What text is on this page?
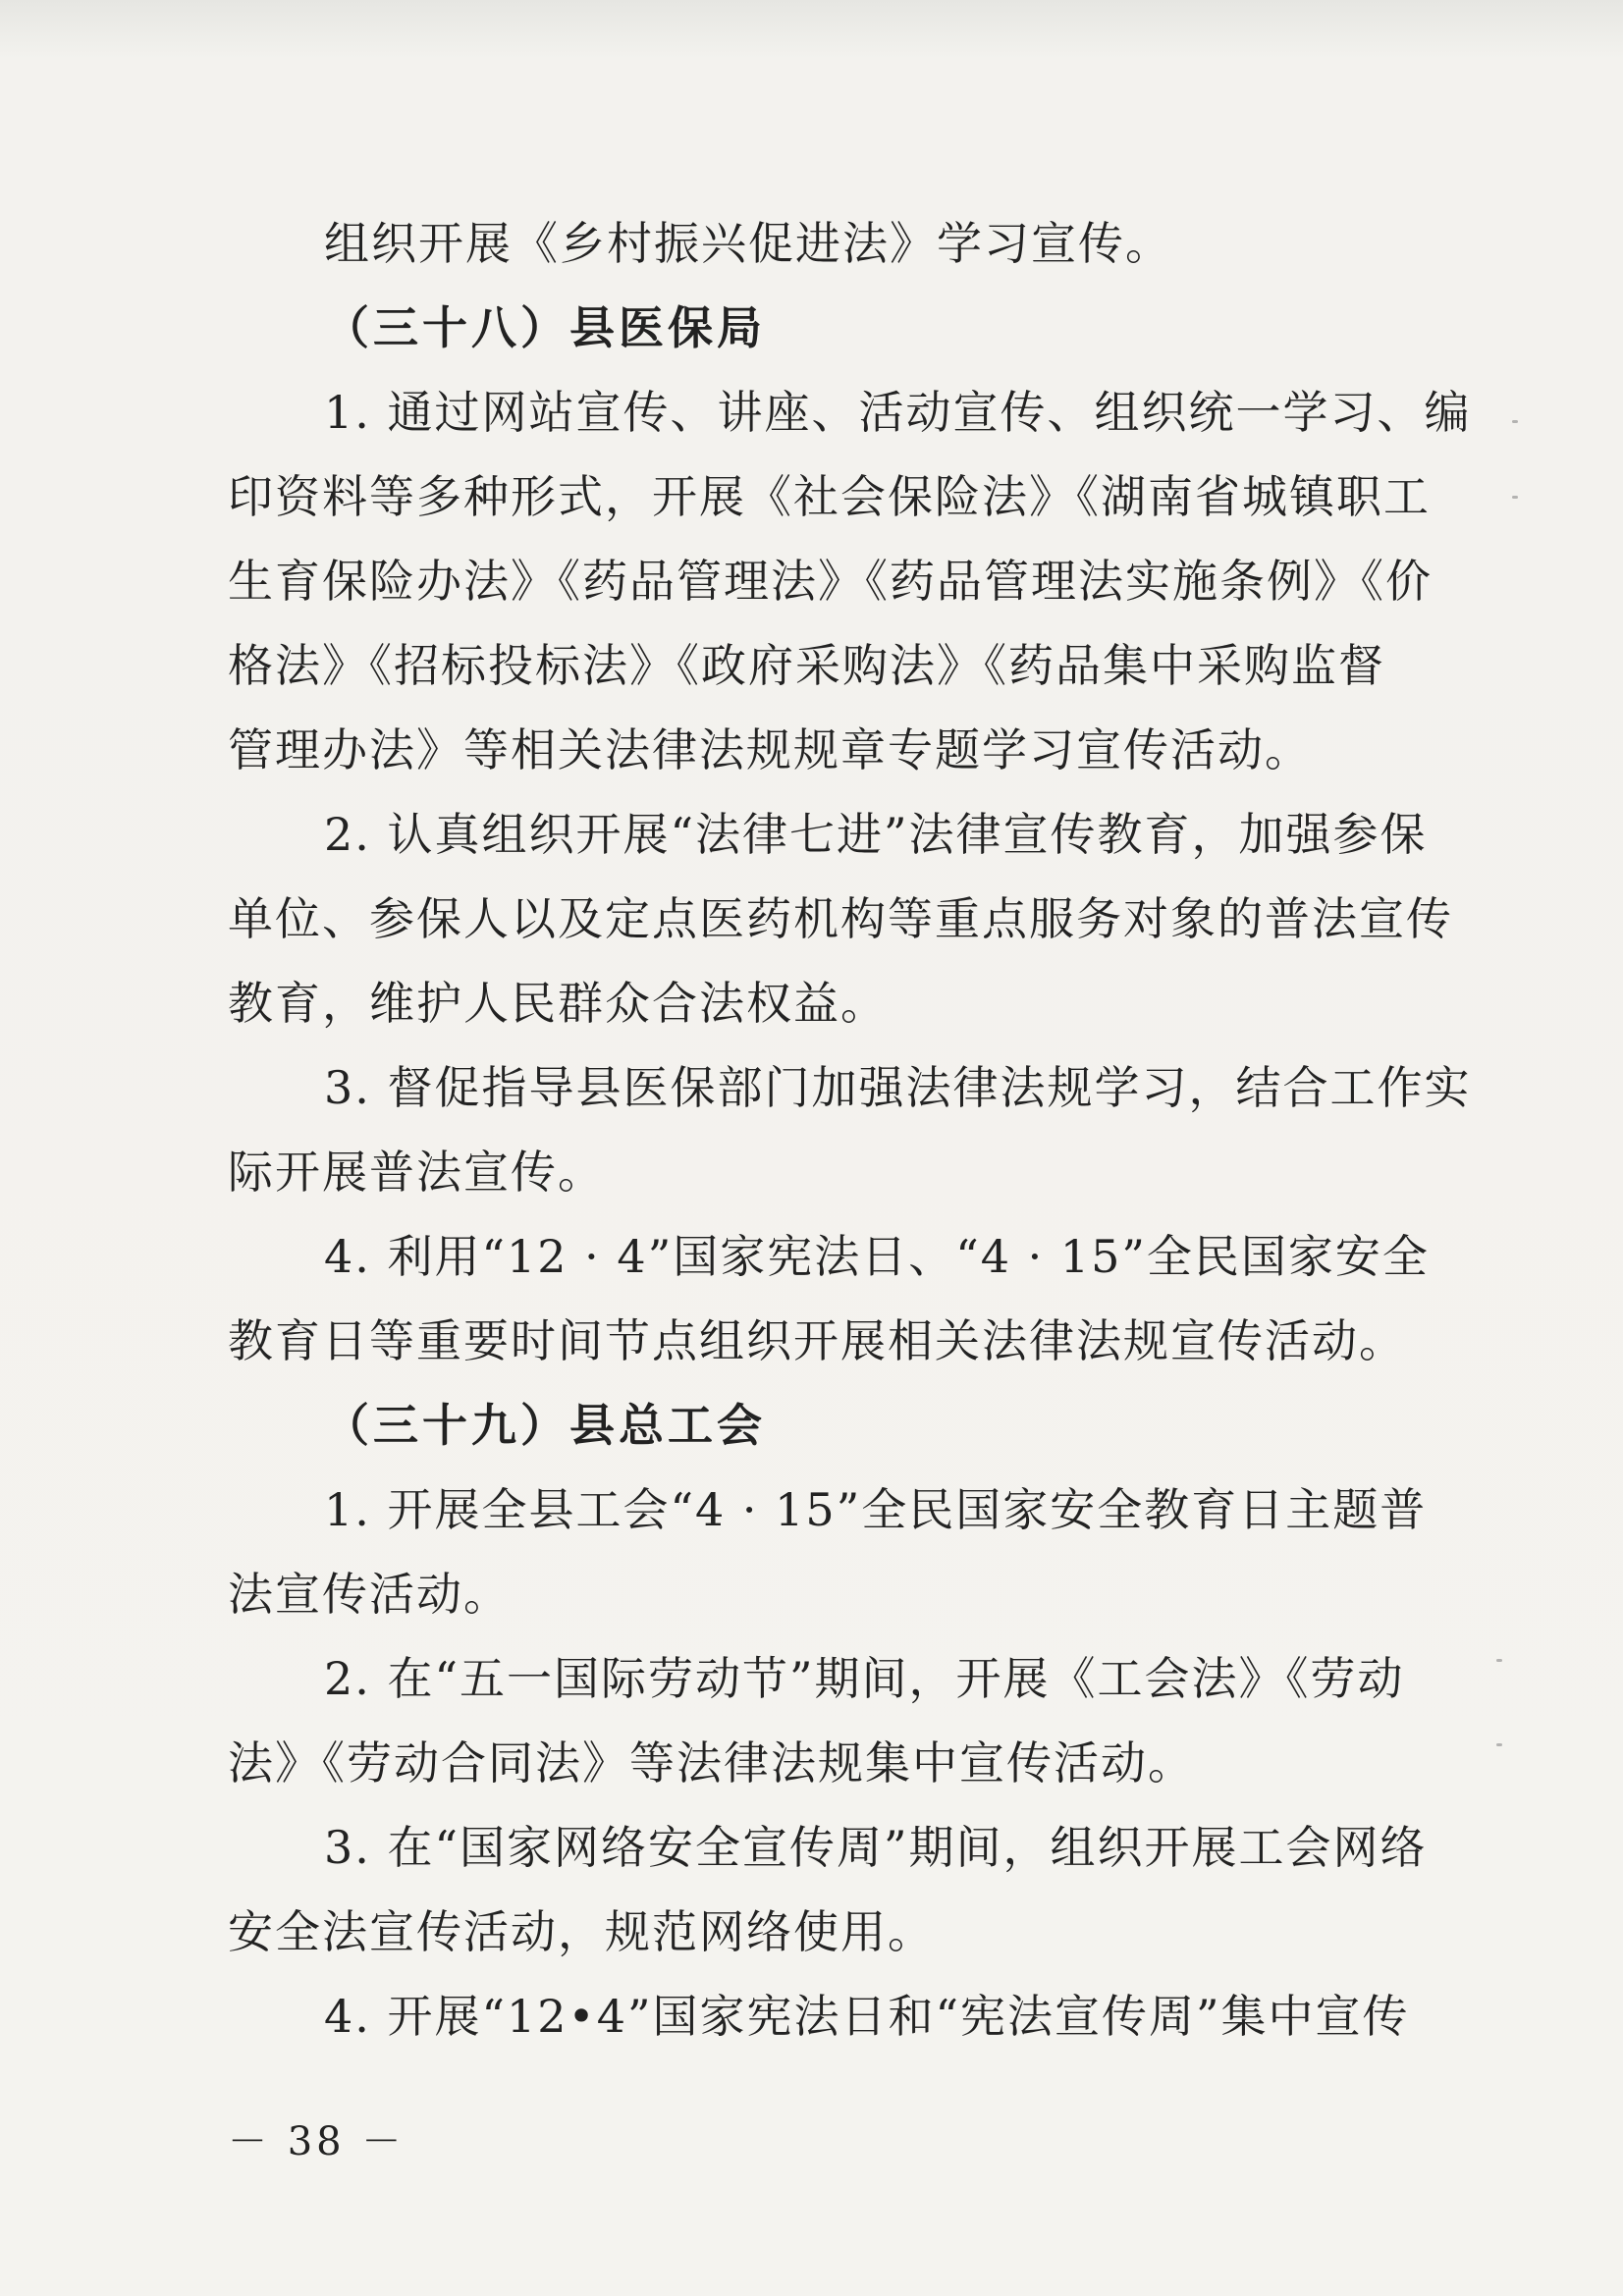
组织开展《乡村振兴促进法》学习宣传。
（三十八）县医保局
1. 通过网站宣传、讲座、活动宣传、组织统一学习、编
印资料等多种形式，开展《社会保险法》《湖南省城镇职工
生育保险办法》《药品管理法》《药品管理法实施条例》《价
格法》《招标投标法》《政府采购法》《药品集中采购监督
管理办法》等相关法律法规规章专题学习宣传活动。
2. 认真组织开展“法律七进”法律宣传教育，加强参保
单位、参保人以及定点医药机构等重点服务对象的普法宣传
教育，维护人民群众合法权益。
3. 督促指导县医保部门加强法律法规学习，结合工作实
际开展普法宣传。
4. 利用“12 · 4”国家宪法日、“4 · 15”全民国家安全
教育日等重要时间节点组织开展相关法律法规宣传活动。
（三十九）县总工会
1. 开展全县工会“4 · 15”全民国家安全教育日主题普
法宣传活动。
2. 在“五一国际劳动节”期间，开展《工会法》《劳动
法》《劳动合同法》等法律法规集中宣传活动。
3. 在“国家网络安全宣传周”期间，组织开展工会网络
安全法宣传活动，规范网络使用。
4. 开展“12•4”国家宪法日和“宪法宣传周”集中宣传
－ 38 －
